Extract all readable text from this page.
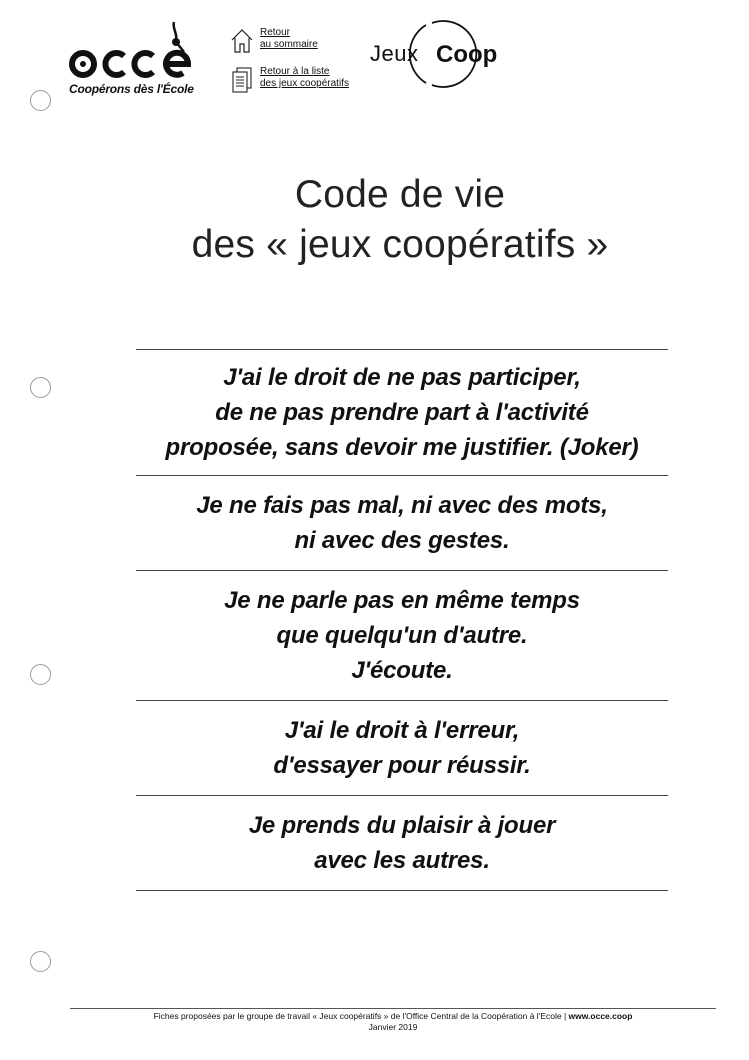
Coopérons dès l'École
Retour
au sommaire
Retour à la liste
des jeux coopératifs
Jeux Coop
Code de vie
des « jeux coopératifs »
J'ai le droit de ne pas participer,
de ne pas prendre part à l'activité
proposée, sans devoir me justifier. (Joker)
Je ne fais pas mal, ni avec des mots,
ni avec des gestes.
Je ne parle pas en même temps
que quelqu'un d'autre.
J'écoute.
J'ai le droit à l'erreur,
d'essayer pour réussir.
Je prends du plaisir à jouer
avec les autres.
Fiches proposées par le groupe de travail « Jeux coopératifs » de l'Office Central de la Coopération à l'Ecole | www.occe.coop
Janvier 2019
